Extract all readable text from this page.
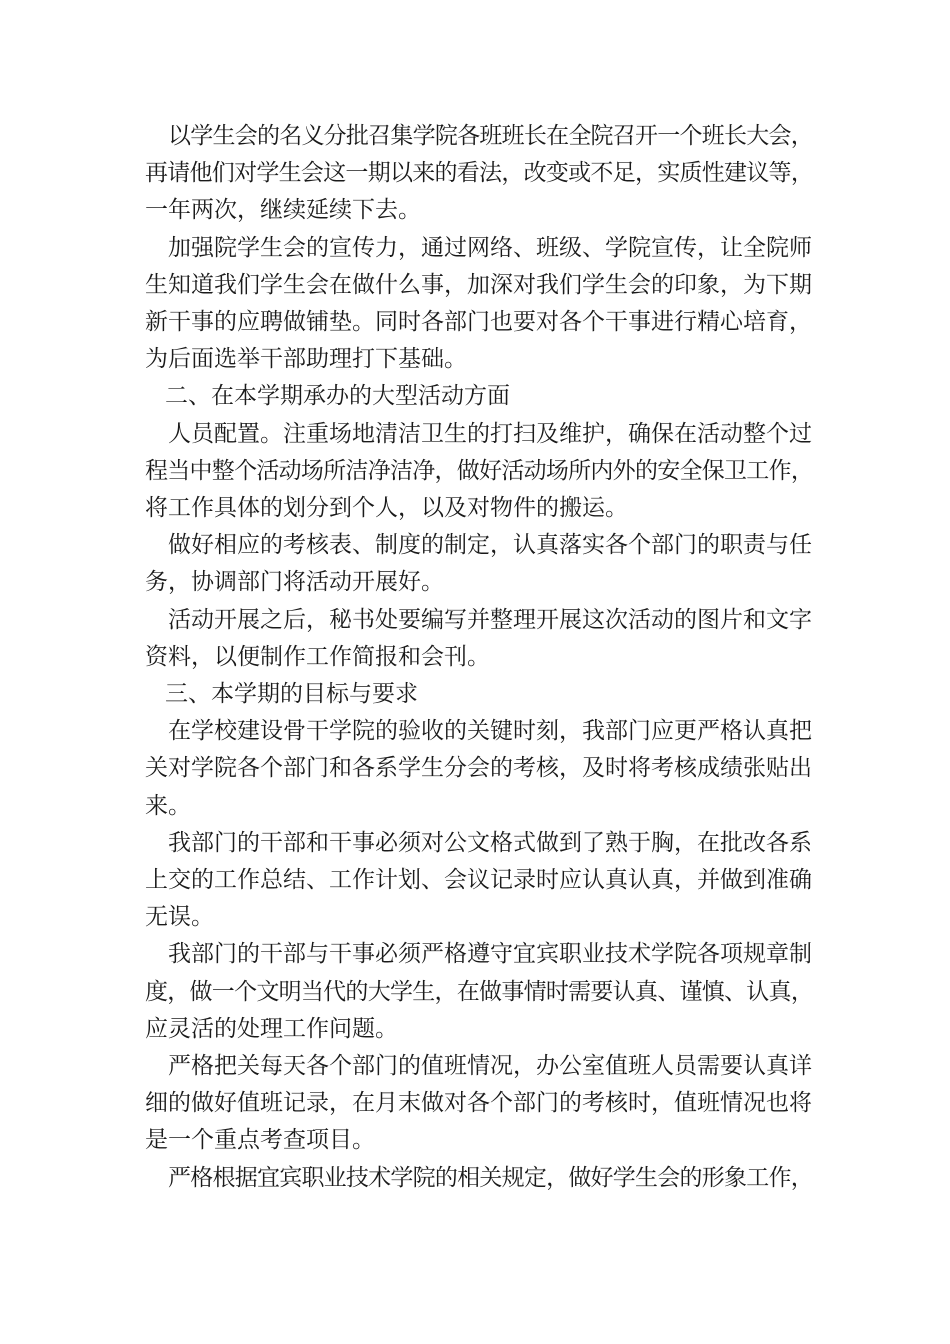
以学生会的名义分批召集学院各班班长在全院召开一个班长大会，
再请他们对学生会这一期以来的看法，改变或不足，实质性建议等，
一年两次，继续延续下去。

加强院学生会的宣传力，通过网络、班级、学院宣传，让全院师
生知道我们学生会在做什么事，加深对我们学生会的印象，为下期
新干事的应聘做铺垫。同时各部门也要对各个干事进行精心培育，
为后面选举干部助理打下基础。

二、在本学期承办的大型活动方面

人员配置。注重场地清洁卫生的打扫及维护，确保在活动整个过
程当中整个活动场所洁净洁净，做好活动场所内外的安全保卫工作，
将工作具体的划分到个人，以及对物件的搬运。

做好相应的考核表、制度的制定，认真落实各个部门的职责与任
务，协调部门将活动开展好。

活动开展之后，秘书处要编写并整理开展这次活动的图片和文字
资料，以便制作工作简报和会刊。

三、本学期的目标与要求

在学校建设骨干学院的验收的关键时刻，我部门应更严格认真把
关对学院各个部门和各系学生分会的考核，及时将考核成绩张贴出
来。

我部门的干部和干事必须对公文格式做到了熟于胸，在批改各系
上交的工作总结、工作计划、会议记录时应认真认真，并做到准确
无误。

我部门的干部与干事必须严格遵守宜宾职业技术学院各项规章制
度，做一个文明当代的大学生，在做事情时需要认真、谨慎、认真，
应灵活的处理工作问题。

严格把关每天各个部门的值班情况，办公室值班人员需要认真详
细的做好值班记录，在月末做对各个部门的考核时，值班情况也将
是一个重点考查项目。

严格根据宜宾职业技术学院的相关规定，做好学生会的形象工作，
